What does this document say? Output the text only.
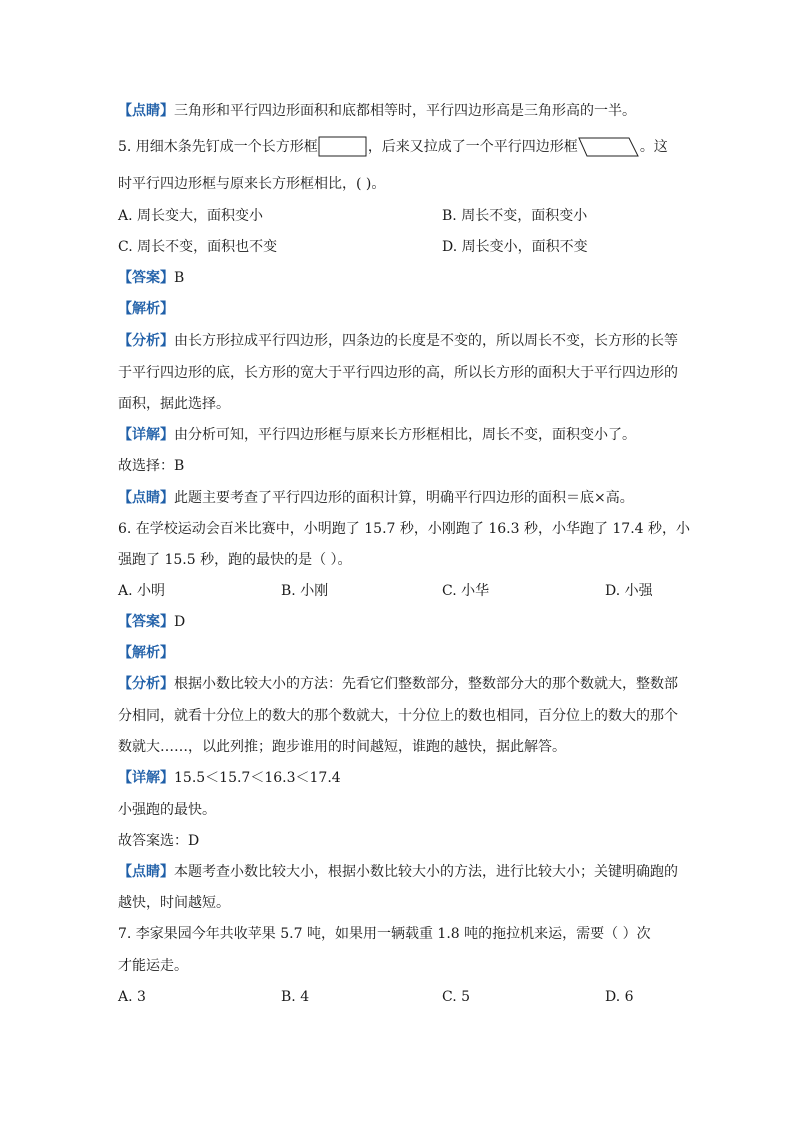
【点睛】三角形和平行四边形面积和底都相等时，平行四边形高是三角形高的一半。
5. 用细木条先钉成一个长方形框	，后来又拉成了一个平行四边形框	。这
时平行四边形框与原来长方形框相比，( )。
A. 周长变大，面积变小	B. 周长不变，面积变小
C. 周长不变，面积也不变	D. 周长变小，面积不变
【答案】B
【解析】
【分析】由长方形拉成平行四边形，四条边的长度是不变的，所以周长不变，长方形的长等
于平行四边形的底，长方形的宽大于平行四边形的高，所以长方形的面积大于平行四边形的
面积，据此选择。
【详解】由分析可知，平行四边形框与原来长方形框相比，周长不变，面积变小了。
故选择：B
【点睛】此题主要考查了平行四边形的面积计算，明确平行四边形的面积＝底×高。
6. 在学校运动会百米比赛中，小明跑了 15.7 秒，小刚跑了 16.3 秒，小华跑了 17.4 秒，小
强跑了 15.5 秒，跑的最快的是（ ）。
A. 小明	B. 小刚	C. 小华	D. 小强
【答案】D
【解析】
【分析】根据小数比较大小的方法：先看它们整数部分，整数部分大的那个数就大，整数部
分相同，就看十分位上的数大的那个数就大，十分位上的数也相同，百分位上的数大的那个
数就大……，以此列推；跑步谁用的时间越短，谁跑的越快，据此解答。
【详解】15.5＜15.7＜16.3＜17.4
小强跑的最快。
故答案选：D
【点睛】本题考查小数比较大小，根据小数比较大小的方法，进行比较大小；关键明确跑的
越快，时间越短。
7. 李家果园今年共收苹果 5.7 吨，如果用一辆载重 1.8 吨的拖拉机来运，需要（ ）次
才能运走。
A. 3	B. 4	C. 5	D. 6
